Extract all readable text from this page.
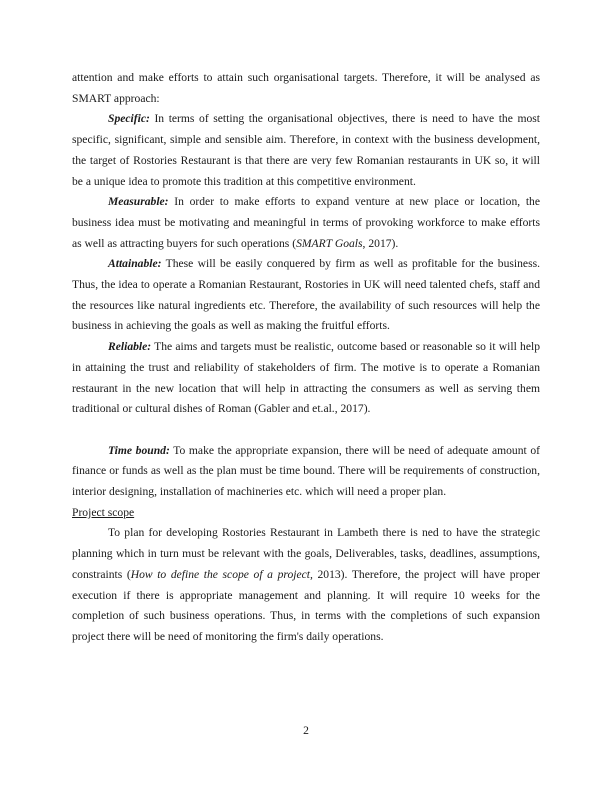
attention and make efforts to attain such organisational targets. Therefore, it will be analysed as SMART approach:

Specific: In terms of setting the organisational objectives, there is need to have the most specific, significant, simple and sensible aim. Therefore, in context with the business development, the target of Rostories Restaurant is that there are very few Romanian restaurants in UK so, it will be a unique idea to promote this tradition at this competitive environment.

Measurable: In order to make efforts to expand venture at new place or location, the business idea must be motivating and meaningful in terms of provoking workforce to make efforts as well as attracting buyers for such operations (SMART Goals, 2017).

Attainable: These will be easily conquered by firm as well as profitable for the business. Thus, the idea to operate a Romanian Restaurant, Rostories in UK will need talented chefs, staff and the resources like natural ingredients etc. Therefore, the availability of such resources will help the business in achieving the goals as well as making the fruitful efforts.

Reliable: The aims and targets must be realistic, outcome based or reasonable so it will help in attaining the trust and reliability of stakeholders of firm. The motive is to operate a Romanian restaurant in the new location that will help in attracting the consumers as well as serving them traditional or cultural dishes of Roman (Gabler and et.al., 2017).

Time bound: To make the appropriate expansion, there will be need of adequate amount of finance or funds as well as the plan must be time bound. There will be requirements of construction, interior designing, installation of machineries etc. which will need a proper plan.

Project scope

To plan for developing Rostories Restaurant in Lambeth there is ned to have the strategic planning which in turn must be relevant with the goals, Deliverables, tasks, deadlines, assumptions, constraints (How to define the scope of a project, 2013). Therefore, the project will have proper execution if there is appropriate management and planning. It will require 10 weeks for the completion of such business operations. Thus, in terms with the completions of such expansion project there will be need of monitoring the firm's daily operations.

2
